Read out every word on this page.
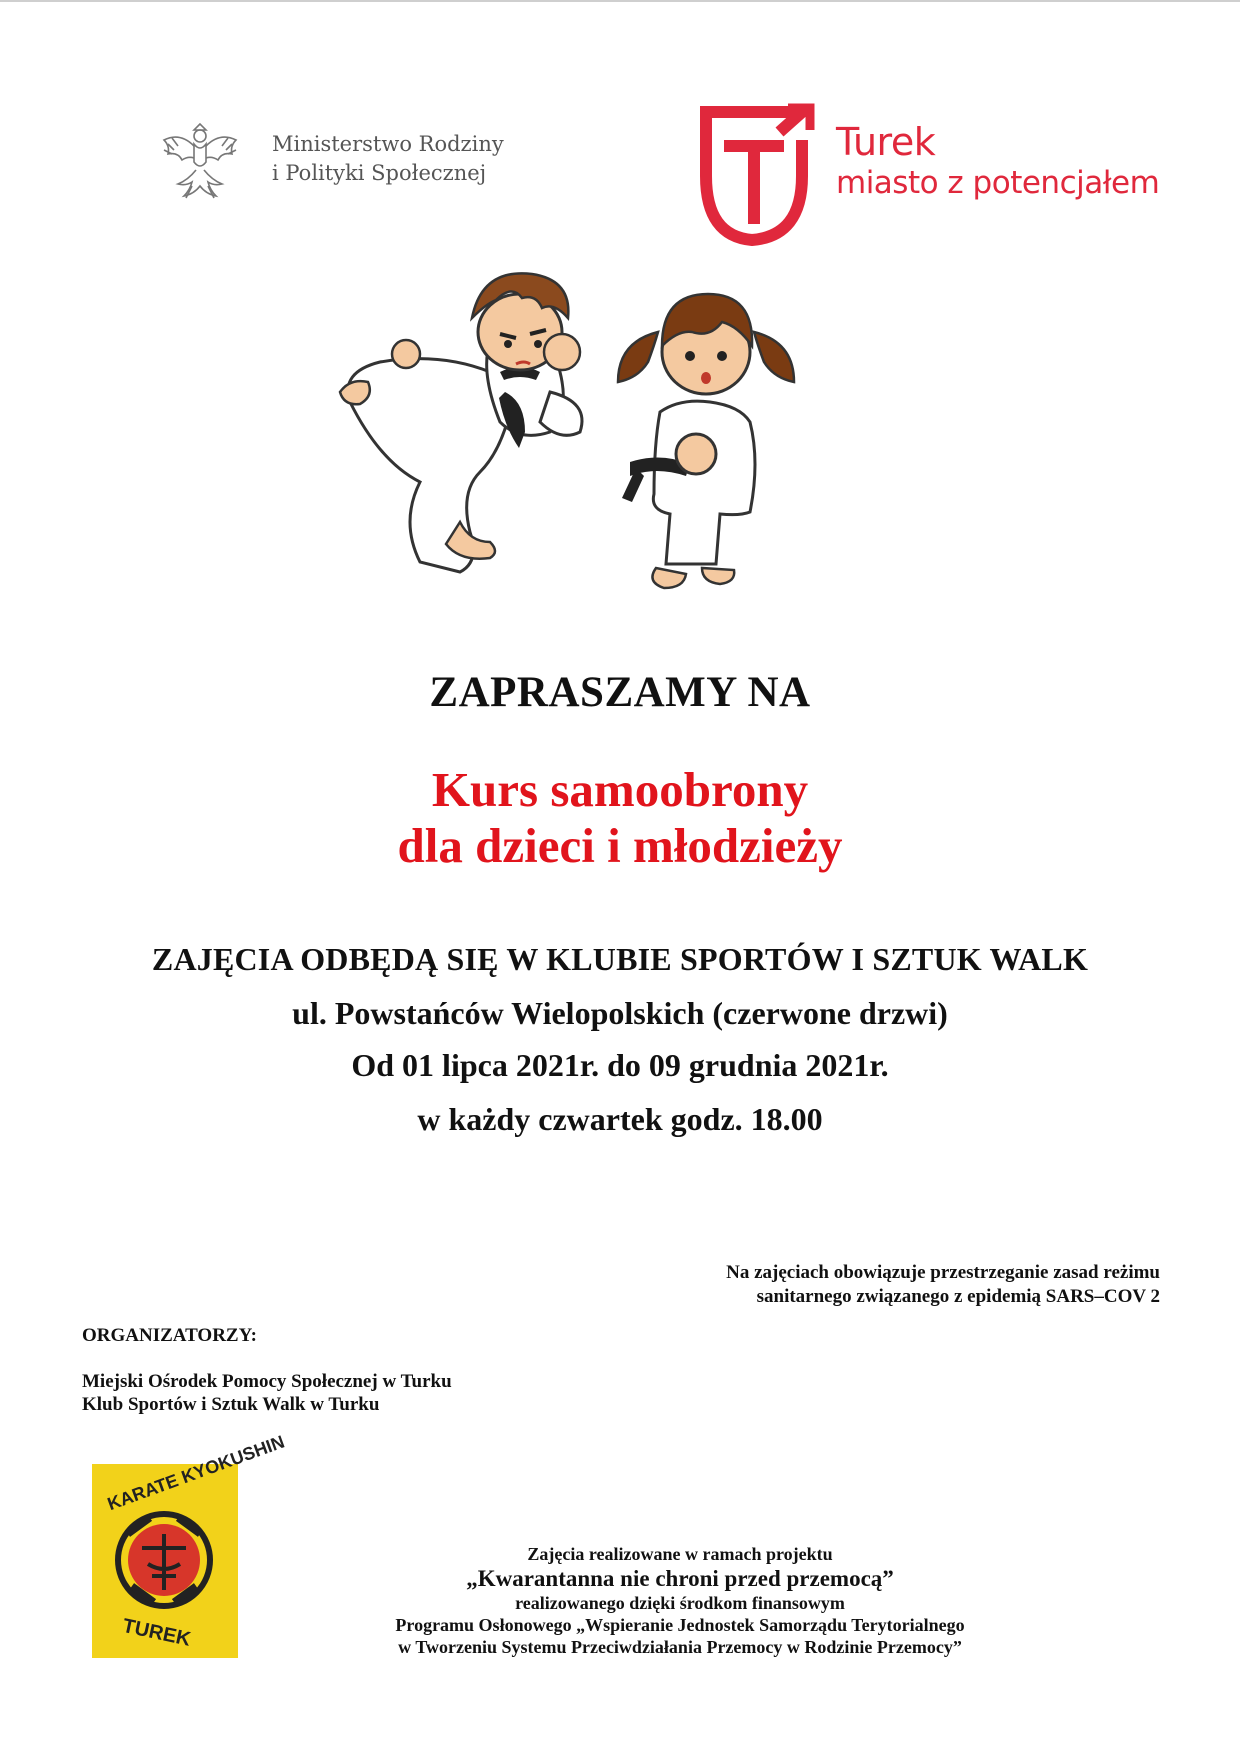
Ministerstwo Rodziny
i Polityki Społecznej
Turek
miasto z potencjałem
ZAPRASZAMY NA
Kurs samoobrony
dla dzieci i młodzieży
ZAJĘCIA ODBĘDĄ SIĘ W KLUBIE SPORTÓW I SZTUK WALK
ul. Powstańców Wielopolskich (czerwone drzwi)
Od 01 lipca 2021r. do 09 grudnia 2021r.
w każdy czwartek godz. 18.00
Na zajęciach obowiązuje przestrzeganie zasad reżimu
sanitarnego związanego z epidemią SARS–COV 2
ORGANIZATORZY:
Miejski Ośrodek Pomocy Społecznej w Turku
Klub Sportów i Sztuk Walk w Turku
KARATE KYOKUSHIN
TUREK
Zajęcia realizowane w ramach projektu
„Kwarantanna nie chroni przed przemocą”
realizowanego dzięki środkom finansowym
Programu Osłonowego „Wspieranie Jednostek Samorządu Terytorialnego
w Tworzeniu Systemu Przeciwdziałania Przemocy w Rodzinie Przemocy”
